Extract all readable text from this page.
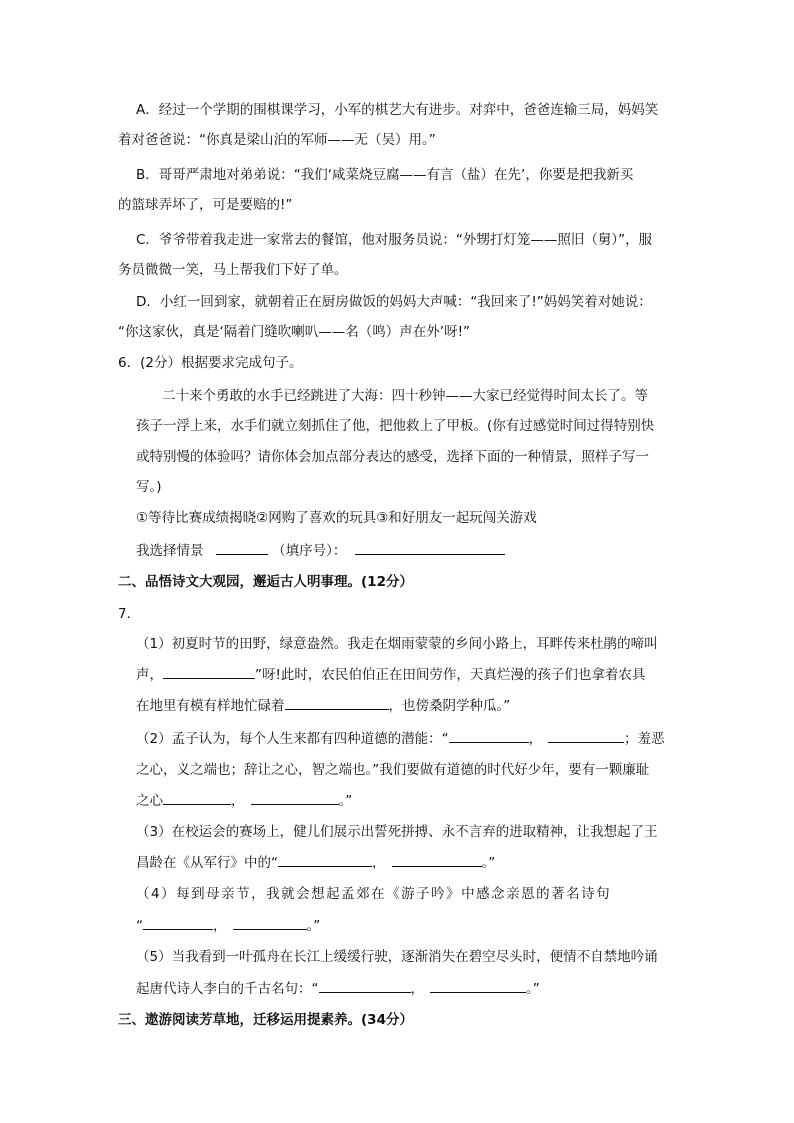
A．经过一个学期的围棋课学习，小军的棋艺大有进步。对弈中，爸爸连输三局，妈妈笑
着对爸爸说：“你真是梁山泊的军师——无（吴）用。”
B．哥哥严肃地对弟弟说：“我们‘咸菜烧豆腐——有言（盐）在先’，你要是把我新买
的篮球弄坏了，可是要赔的!”
C．爷爷带着我走进一家常去的餐馆，他对服务员说：“外甥打灯笼——照旧（舅）”，服
务员微微一笑，马上帮我们下好了单。
D．小红一回到家，就朝着正在厨房做饭的妈妈大声喊：“我回来了!”妈妈笑着对她说：
“你这家伙，真是‘隔着门缝吹喇叭——名（鸣）声在外’呀!”
6．(2分）根据要求完成句子。
二十来个勇敢的水手已经跳进了大海：四十秒钟——大家已经觉得时间太长了。等
孩子一浮上来，水手们就立刻抓住了他，把他救上了甲板。(你有过感觉时间过得特别快
或特别慢的体验吗？请你体会加点部分表达的感受，选择下面的一种情景，照样子写一
写。)
①等待比赛成绩揭晓②网购了喜欢的玩具③和好朋友一起玩闯关游戏
我选择情景	（填序号）：
二、品悟诗文大观园，邂逅古人明事理。(12分）
7．
（1）初夏时节的田野，绿意盎然。我走在烟雨蒙蒙的乡间小路上，耳畔传来杜鹃的啼叫
声，	”呀!此时，农民伯伯正在田间劳作，天真烂漫的孩子们也拿着农具
在地里有模有样地忙碌着	，也傍桑阴学种瓜。”
（2）孟子认为，每个人生来都有四种道德的潜能：“	，	；羞恶
之心，义之端也；辞让之心，智之端也。”我们要做有道德的时代好少年，要有一颗廉耻
之心	，	。”
（3）在校运会的赛场上，健儿们展示出誓死拼搏、永不言弃的进取精神，让我想起了王
昌龄在《从军行》中的“	，	。”
（4）每到母亲节，我就会想起孟郊在《游子吟》中感念亲恩的著名诗句
“	，	。”
（5）当我看到一叶孤舟在长江上缓缓行驶，逐渐消失在碧空尽头时，便情不自禁地吟诵
起唐代诗人李白的千古名句：“	，	。”
三、遨游阅读芳草地，迁移运用提素养。(34分）
